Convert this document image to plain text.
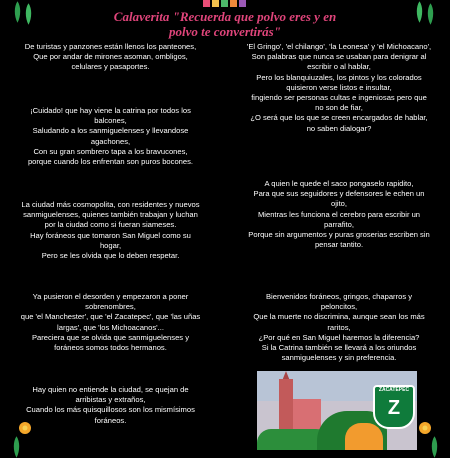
Calaverita "Recuerda que polvo eres y en
polvo te convertirás"
De turistas y panzones están llenos los panteones,
Que por andar de mirones asoman, ombligos,
celulares y pasaportes.
¡Cuidado! que hay viene la catrina por todos los
balcones,
Saludando a los sanmiguelenses y llevandose
agachones,
Con su gran sombrero tapa a los bravucones,
porque cuando los enfrentan son puros bocones.
La ciudad más cosmopolita, con residentes y nuevos
sanmiguelenses, quienes también trabajan y luchan
por la ciudad como si fueran siameses.
Hay foráneos que tomaron San Miguel como su
hogar,
Pero se les olvida que lo deben respetar.
Ya pusieron el desorden y empezaron a poner
sobrenombres,
que 'el Manchester', que 'el Zacatepec', que 'las uñas
largas', que 'los Michoacanos'...
Pareciera que se olvida que sanmiguelenses y
foráneos somos todos hermanos.
Hay quien no entiende la ciudad, se quejan de
arribistas y extraños,
Cuando los más quisquillosos son los mismísimos
foráneos.
'El Gringo', 'el chilango', 'la Leonesa' y 'el Michoacano',
Son palabras que nunca se usaban para denigrar al
escribir o al hablar,
Pero los blanquiuzales, los pintos y los colorados
quisieron verse listos e insultar,
fingiendo ser personas cultas e ingeniosas pero que
no son de fiar,
¿O será que los que se creen encargados de hablar,
no saben dialogar?
A quien le quede el saco pongaselo rapidito,
Para que sus seguidores y defensores le echen un
ojito,
Mientras les funciona el cerebro para escribir un
parrafito,
Porque sin argumentos y puras groserias escriben sin
pensar tantito.
Bienvenidos foráneos, gringos, chaparros y
peloncitos,
Que la muerte no discrimina, aunque sean los más
raritos,
¿Por qué en San Miguel haremos la diferencia?
Si la Catrina también se llevará a los oriundos
sanmiguelenses y sin preferencia.
ZACATEPEC
Z
